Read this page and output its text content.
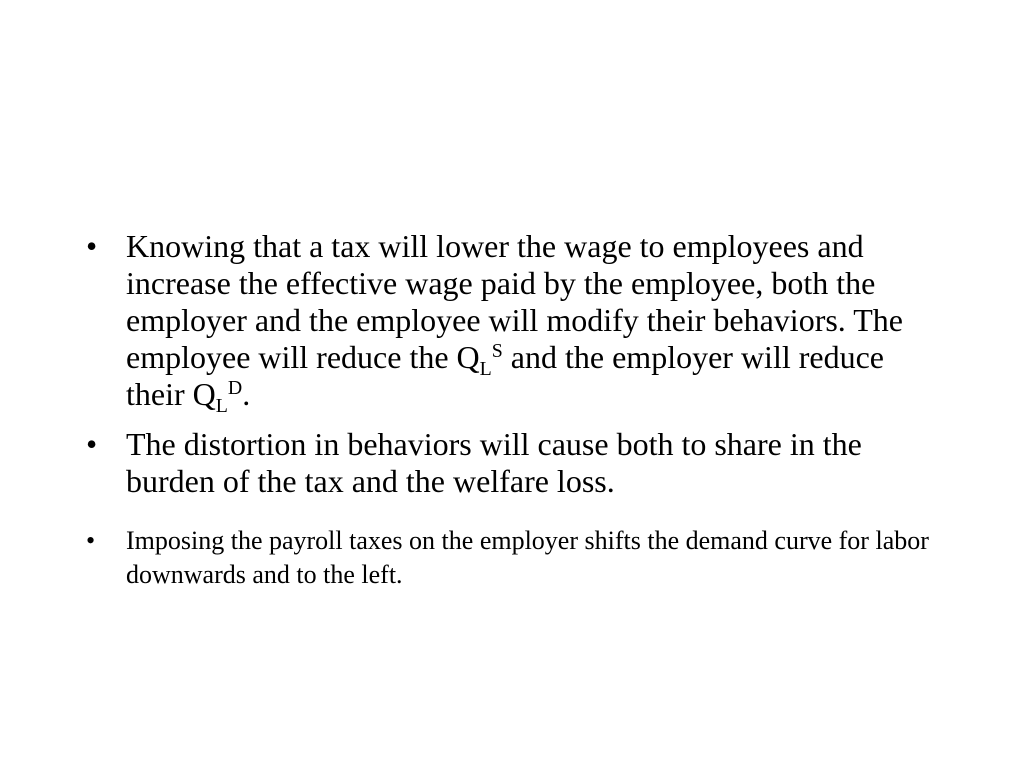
• Knowing that a tax will lower the wage to employees and increase the effective wage paid by the employee, both the employer and the employee will modify their behaviors. The employee will reduce the $Q_L^S$ and the employer will reduce their $Q_L^D$.
• The distortion in behaviors will cause both to share in the burden of the tax and the welfare loss.
• Imposing the payroll taxes on the employer shifts the demand curve for labor downwards and to the left.
